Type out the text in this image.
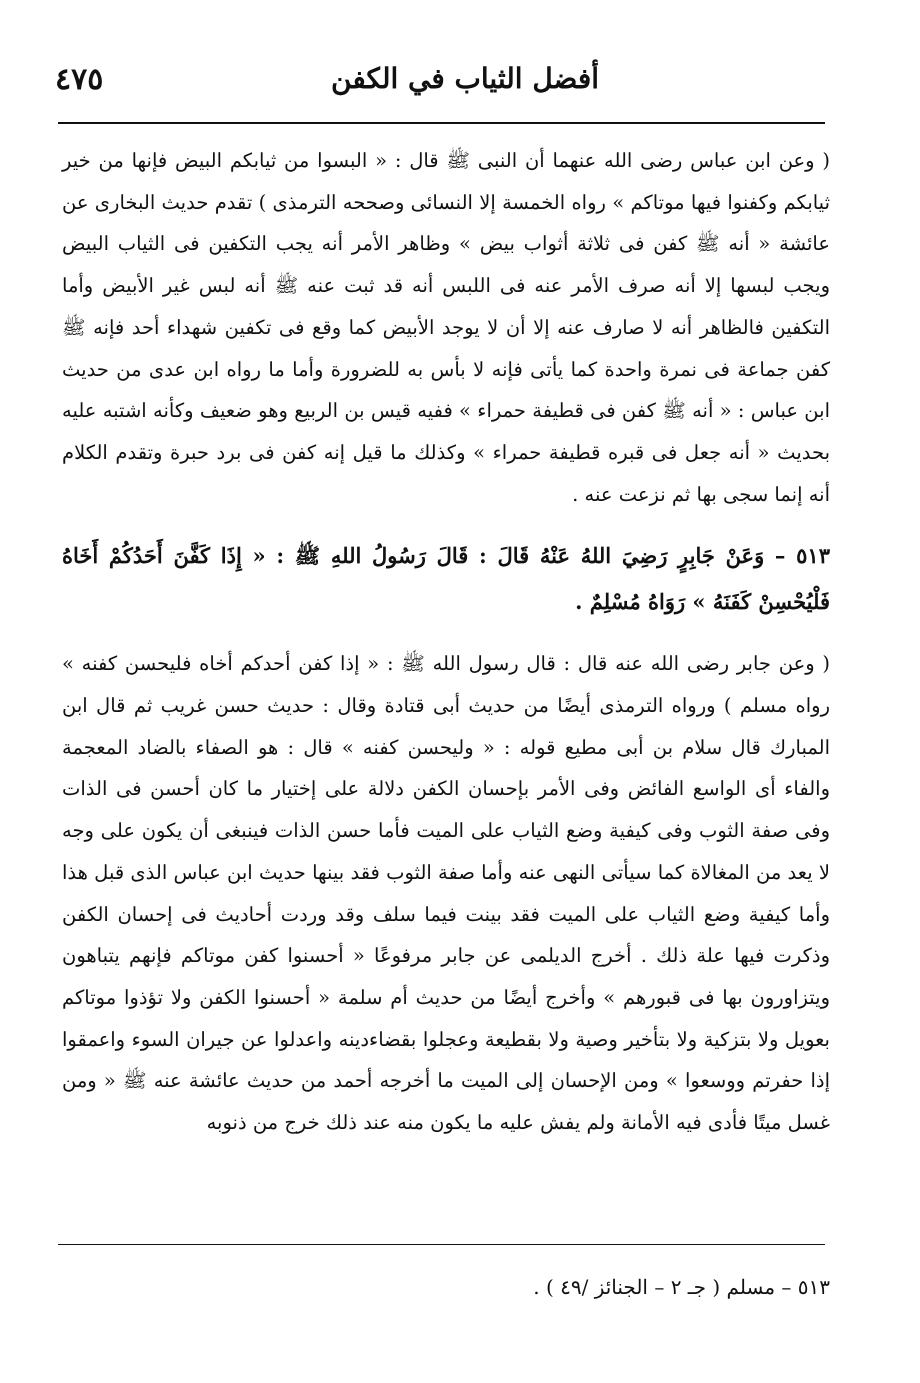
٤٧٥	أفضل الثياب في الكفن

( وعن ابن عباس رضى الله عنهما أن النبى ﷺ قال : « البسوا من ثيابكم البيض فإنها من خير ثيابكم وكفنوا فيها موتاكم » رواه الخمسة إلا النسائى وصححه الترمذى ) تقدم حديث البخارى عن عائشة « أنه ﷺ كفن فى ثلاثة أثواب بيض » وظاهر الأمر أنه يجب التكفين فى الثياب البيض ويجب لبسها إلا أنه صرف الأمر عنه فى اللبس أنه قد ثبت عنه ﷺ أنه لبس غير الأبيض وأما التكفين فالظاهر أنه لا صارف عنه إلا أن لا يوجد الأبيض كما وقع فى تكفين شهداء أحد فإنه ﷺ كفن جماعة فى نمرة واحدة كما يأتى فإنه لا بأس به للضرورة وأما ما رواه ابن عدى من حديث ابن عباس : « أنه ﷺ كفن فى قطيفة حمراء » ففيه قيس بن الربيع وهو ضعيف وكأنه اشتبه عليه بحديث « أنه جعل فى قبره قطيفة حمراء » وكذلك ما قيل إنه كفن فى برد حبرة وتقدم الكلام أنه إنما سجى بها ثم نزعت عنه .

٥١٣ – وَعَنْ جَابِرٍ رَضِيَ اللهُ عَنْهُ قَالَ : قَالَ رَسُولُ اللهِ ﷺ : « إِذَا كَفَّنَ أَحَدُكُمْ أَخَاهُ فَلْيُحْسِنْ كَفَنَهُ » رَوَاهُ مُسْلِمٌ .

( وعن جابر رضى الله عنه قال : قال رسول الله ﷺ : « إذا كفن أحدكم أخاه فليحسن كفنه » رواه مسلم ) ورواه الترمذى أيضًا من حديث أبى قتادة وقال : حديث حسن غريب ثم قال ابن المبارك قال سلام بن أبى مطيع قوله : « وليحسن كفنه » قال : هو الصفاء بالضاد المعجمة والفاء أى الواسع الفائض وفى الأمر بإحسان الكفن دلالة على إختيار ما كان أحسن فى الذات وفى صفة الثوب وفى كيفية وضع الثياب على الميت فأما حسن الذات فينبغى أن يكون على وجه لا يعد من المغالاة كما سيأتى النهى عنه وأما صفة الثوب فقد بينها حديث ابن عباس الذى قبل هذا وأما كيفية وضع الثياب على الميت فقد بينت فيما سلف وقد وردت أحاديث فى إحسان الكفن وذكرت فيها علة ذلك . أخرج الديلمى عن جابر مرفوعًا « أحسنوا كفن موتاكم فإنهم يتباهون ويتزاورون بها فى قبورهم » وأخرج أيضًا من حديث أم سلمة « أحسنوا الكفن ولا تؤذوا موتاكم بعويل ولا بتزكية ولا بتأخير وصية ولا بقطيعة وعجلوا بقضاءدينه واعدلوا عن جيران السوء واعمقوا إذا حفرتم ووسعوا » ومن الإحسان إلى الميت ما أخرجه أحمد من حديث عائشة عنه ﷺ « ومن غسل ميتًا فأدى فيه الأمانة ولم يفش عليه ما يكون منه عند ذلك خرج من ذنوبه

٥١٣ – مسلم ( جـ ٢ – الجنائز /٤٩ ) .
